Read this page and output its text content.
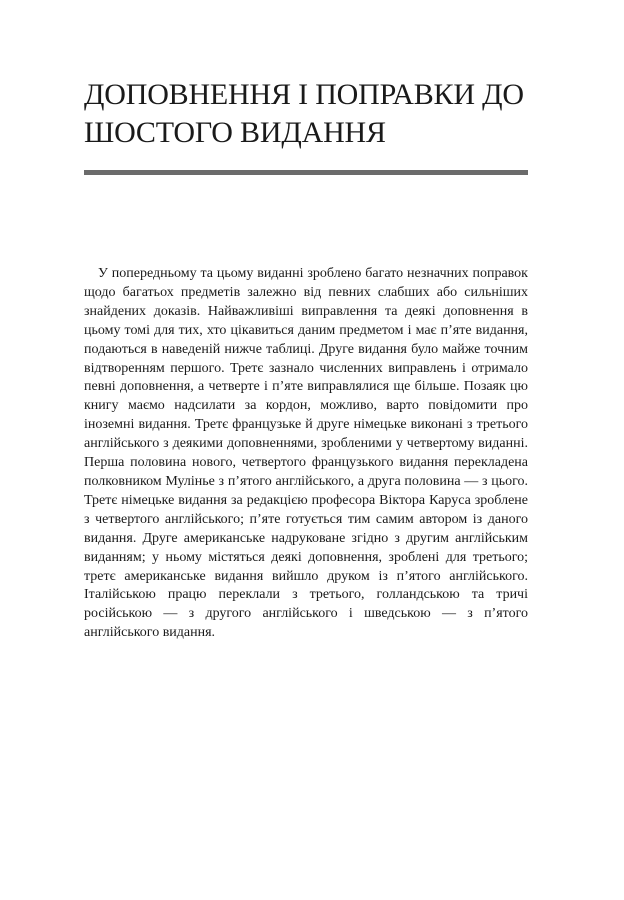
ДОПОВНЕННЯ І ПОПРАВКИ ДО
ШОСТОГО ВИДАННЯ

У попередньому та цьому виданні зроблено багато незначних поправок щодо багатьох предметів залежно від певних слабших або сильніших знайдених доказів. Найважливіші виправлення та деякі доповнення в цьому томі для тих, хто цікавиться даним предметом і має п’яте видання, подаються в наведеній нижче таблиці. Друге видання було майже точним відтворенням першого. Третє зазнало численних виправлень і отримало певні доповнення, а четверте і п’яте виправлялися ще більше. Позаяк цю книгу маємо надсилати за кордон, можливо, варто повідомити про іноземні видання. Третє французьке й друге німецьке виконані з третього англійського з деякими доповненнями, зробленими у четвертому виданні. Перша половина нового, четвертого французького видання перекладена полковником Мулінье з п’ятого англійського, а друга половина — з цього. Третє німецьке видання за редакцією професора Віктора Каруса зроблене з четвертого англійського; п’яте готується тим самим автором із даного видання. Друге американське надруковане згідно з другим англійським виданням; у ньому містяться деякі доповнення, зроблені для третього; третє американське видання вийшло друком із п’ятого англійського. Італійською працю переклали з третього, голландською та тричі російською — з другого англійського і шведською — з п’ятого англійського видання.
